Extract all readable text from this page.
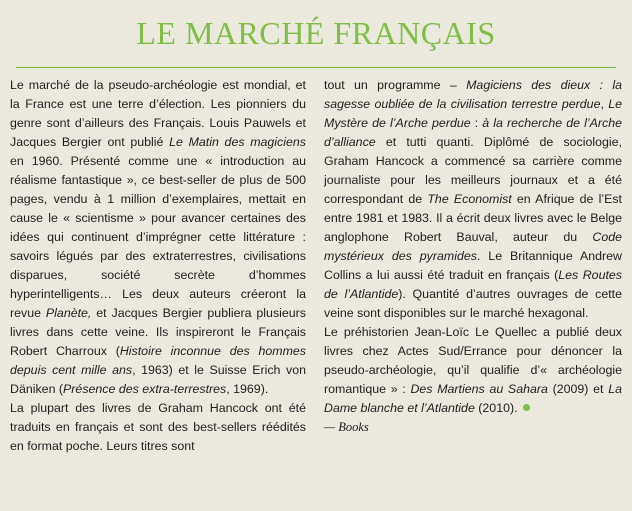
LE MARCHÉ FRANÇAIS

Le marché de la pseudo-archéologie est mondial, et la France est une terre d’élection. Les pionniers du genre sont d’ailleurs des Français. Louis Pauwels et Jacques Bergier ont publié Le Matin des magiciens en 1960. Présenté comme une « introduction au réalisme fantastique », ce best-seller de plus de 500 pages, vendu à 1 million d’exemplaires, mettait en cause le « scientisme » pour avancer certaines des idées qui continuent d’imprégner cette littérature : savoirs légués par des extraterrestres, civilisations disparues, société secrète d’hommes hyperintelligents… Les deux auteurs créeront la revue Planète, et Jacques Bergier publiera plusieurs livres dans cette veine. Ils inspireront le Français Robert Charroux (Histoire inconnue des hommes depuis cent mille ans, 1963) et le Suisse Erich von Däniken (Présence des extra-terrestres, 1969).

La plupart des livres de Graham Hancock ont été traduits en français et sont des best-sellers réédités en format poche. Leurs titres sont

tout un programme – Magiciens des dieux : la sagesse oubliée de la civilisation terrestre perdue, Le Mystère de l’Arche perdue : à la recherche de l’Arche d’alliance et tutti quanti. Diplômé de sociologie, Graham Hancock a commencé sa carrière comme journaliste pour les meilleurs journaux et a été correspondant de The Economist en Afrique de l’Est entre 1981 et 1983. Il a écrit deux livres avec le Belge anglophone Robert Bauval, auteur du Code mystérieux des pyramides. Le Britannique Andrew Collins a lui aussi été traduit en français (Les Routes de l’Atlantide). Quantité d’autres ouvrages de cette veine sont disponibles sur le marché hexagonal.

Le préhistorien Jean-Loïc Le Quellec a publié deux livres chez Actes Sud/Errance pour dénoncer la pseudo-archéologie, qu’il qualifie d’« archéologie romantique » : Des Martiens au Sahara (2009) et La Dame blanche et l’Atlantide (2010).

— Books
